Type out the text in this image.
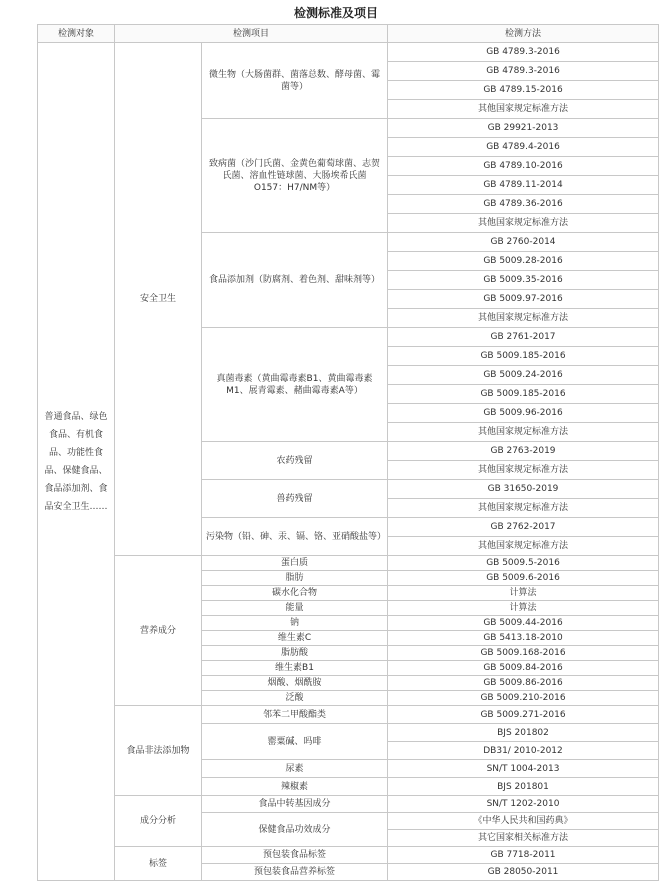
检测标准及项目
检测对象	检测项目		检测方法
普通食品、绿色食品、有机食品、功能性食品、保健食品、食品添加剂、食品安全卫生……	安全卫生	微生物（大肠菌群、菌落总数、酵母菌、霉菌等）	GB 4789.3-2016
			GB 4789.3-2016
			GB 4789.15-2016
			其他国家规定标准方法
		致病菌（沙门氏菌、金黄色葡萄球菌、志贺氏菌、溶血性链球菌、大肠埃希氏菌O157：H7/NM等）	GB 29921-2013
			GB 4789.4-2016
			GB 4789.10-2016
			GB 4789.11-2014
			GB 4789.36-2016
			其他国家规定标准方法
		食品添加剂（防腐剂、着色剂、甜味剂等）	GB 2760-2014
			GB 5009.28-2016
			GB 5009.35-2016
			GB 5009.97-2016
			其他国家规定标准方法
		真菌毒素（黄曲霉毒素B1、黄曲霉毒素M1、展青霉素、赭曲霉毒素A等）	GB 2761-2017
			GB 5009.185-2016
			GB 5009.24-2016
			GB 5009.185-2016
			GB 5009.96-2016
			其他国家规定标准方法
		农药残留	GB 2763-2019
			其他国家规定标准方法
		兽药残留	GB 31650-2019
			其他国家规定标准方法
		污染物（铅、砷、汞、镉、铬、亚硝酸盐等）	GB 2762-2017
			其他国家规定标准方法
	营养成分	蛋白质	GB 5009.5-2016
		脂肪	GB 5009.6-2016
		碳水化合物	计算法
		能量	计算法
		钠	GB 5009.44-2016
		维生素C	GB 5413.18-2010
		脂肪酸	GB 5009.168-2016
		维生素B1	GB 5009.84-2016
		烟酸、烟酰胺	GB 5009.86-2016
		泛酸	GB 5009.210-2016
	食品非法添加物	邻苯二甲酸酯类	GB 5009.271-2016
		罂粟碱、吗啡	BJS 201802
			DB31/ 2010-2012
		尿素	SN/T 1004-2013
		辣椒素	BJS 201801
	成分分析	食品中转基因成分	SN/T 1202-2010
		保健食品功效成分	《中华人民共和国药典》
			其它国家相关标准方法
	标签	预包装食品标签	GB 7718-2011
		预包装食品营养标签	GB 28050-2011
